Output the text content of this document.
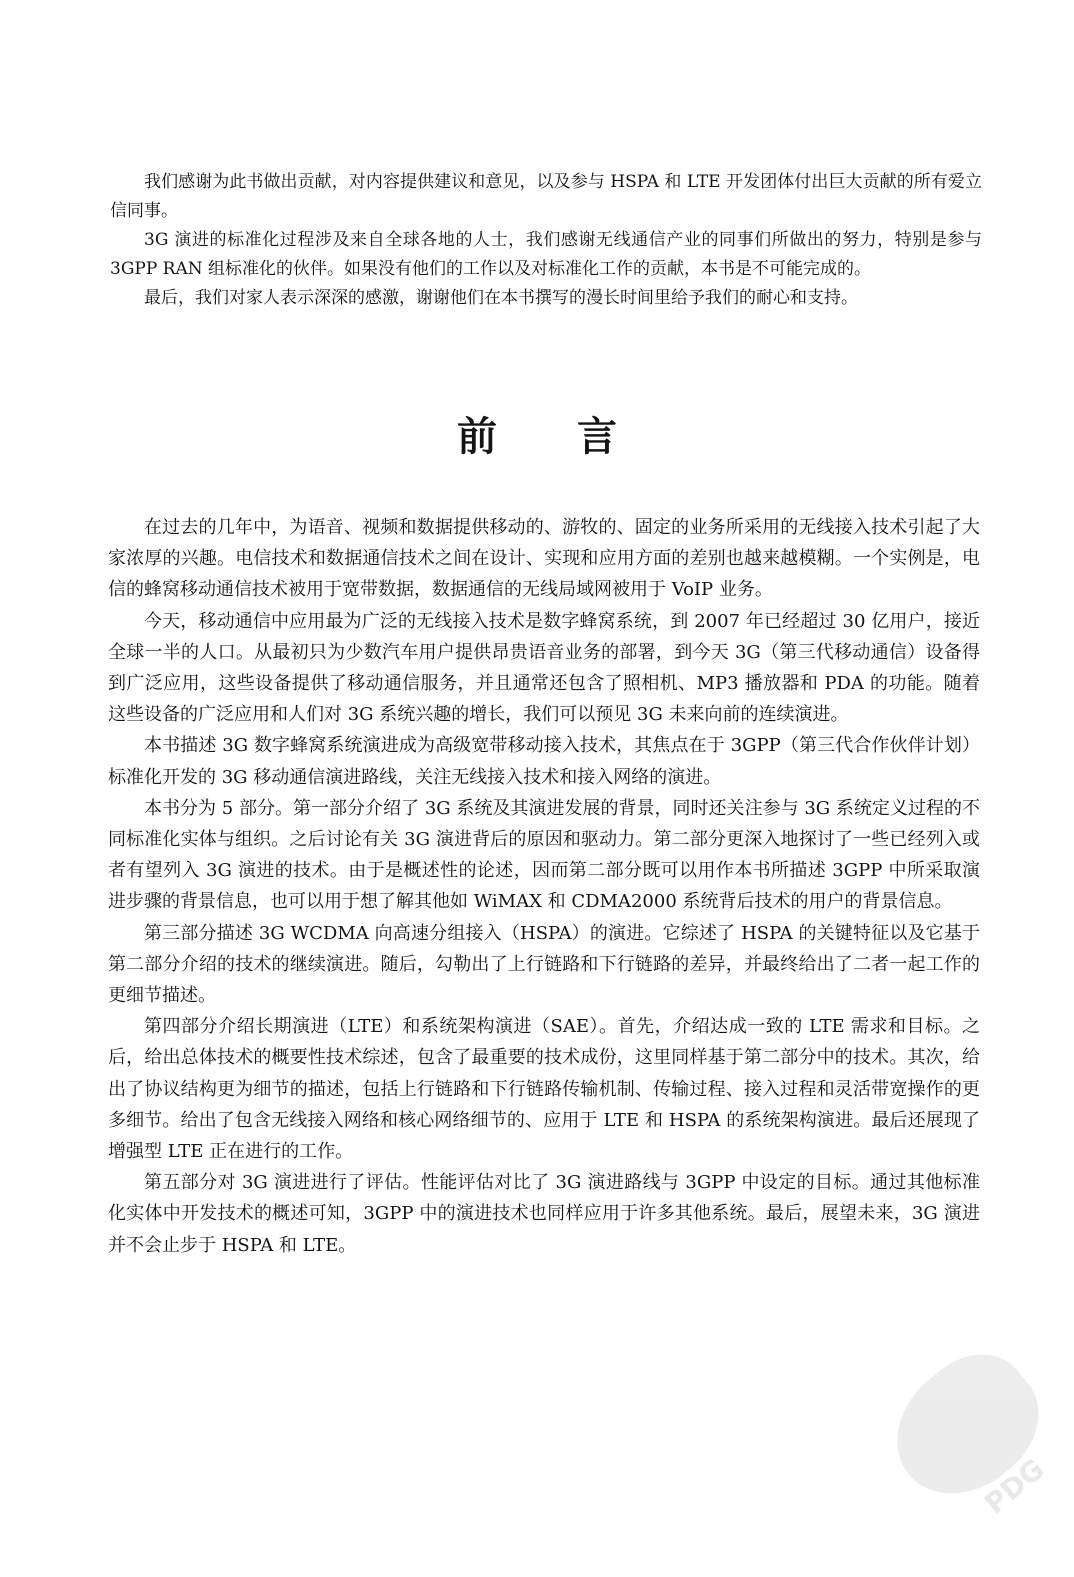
我们感谢为此书做出贡献，对内容提供建议和意见，以及参与 HSPA 和 LTE 开发团体付出巨大贡献的所有爱立信同事。

3G 演进的标准化过程涉及来自全球各地的人士，我们感谢无线通信产业的同事们所做出的努力，特别是参与 3GPP RAN 组标准化的伙伴。如果没有他们的工作以及对标准化工作的贡献，本书是不可能完成的。

最后，我们对家人表示深深的感激，谢谢他们在本书撰写的漫长时间里给予我们的耐心和支持。

前言

在过去的几年中，为语音、视频和数据提供移动的、游牧的、固定的业务所采用的无线接入技术引起了大家浓厚的兴趣。电信技术和数据通信技术之间在设计、实现和应用方面的差别也越来越模糊。一个实例是，电信的蜂窝移动通信技术被用于宽带数据，数据通信的无线局域网被用于 VoIP 业务。

今天，移动通信中应用最为广泛的无线接入技术是数字蜂窝系统，到 2007 年已经超过 30 亿用户，接近全球一半的人口。从最初只为少数汽车用户提供昂贵语音业务的部署，到今天 3G（第三代移动通信）设备得到广泛应用，这些设备提供了移动通信服务，并且通常还包含了照相机、MP3 播放器和 PDA 的功能。随着这些设备的广泛应用和人们对 3G 系统兴趣的增长，我们可以预见 3G 未来向前的连续演进。

本书描述 3G 数字蜂窝系统演进成为高级宽带移动接入技术，其焦点在于 3GPP（第三代合作伙伴计划）标准化开发的 3G 移动通信演进路线，关注无线接入技术和接入网络的演进。

本书分为 5 部分。第一部分介绍了 3G 系统及其演进发展的背景，同时还关注参与 3G 系统定义过程的不同标准化实体与组织。之后讨论有关 3G 演进背后的原因和驱动力。第二部分更深入地探讨了一些已经列入或者有望列入 3G 演进的技术。由于是概述性的论述，因而第二部分既可以用作本书所描述 3GPP 中所采取演进步骤的背景信息，也可以用于想了解其他如 WiMAX 和 CDMA2000 系统背后技术的用户的背景信息。

第三部分描述 3G WCDMA 向高速分组接入（HSPA）的演进。它综述了 HSPA 的关键特征以及它基于第二部分介绍的技术的继续演进。随后，勾勒出了上行链路和下行链路的差异，并最终给出了二者一起工作的更细节描述。

第四部分介绍长期演进（LTE）和系统架构演进（SAE）。首先，介绍达成一致的 LTE 需求和目标。之后，给出总体技术的概要性技术综述，包含了最重要的技术成份，这里同样基于第二部分中的技术。其次，给出了协议结构更为细节的描述，包括上行链路和下行链路传输机制、传输过程、接入过程和灵活带宽操作的更多细节。给出了包含无线接入网络和核心网络细节的、应用于 LTE 和 HSPA 的系统架构演进。最后还展现了增强型 LTE 正在进行的工作。

第五部分对 3G 演进进行了评估。性能评估对比了 3G 演进路线与 3GPP 中设定的目标。通过其他标准化实体中开发技术的概述可知，3GPP 中的演进技术也同样应用于许多其他系统。最后，展望未来，3G 演进并不会止步于 HSPA 和 LTE。

PDG
